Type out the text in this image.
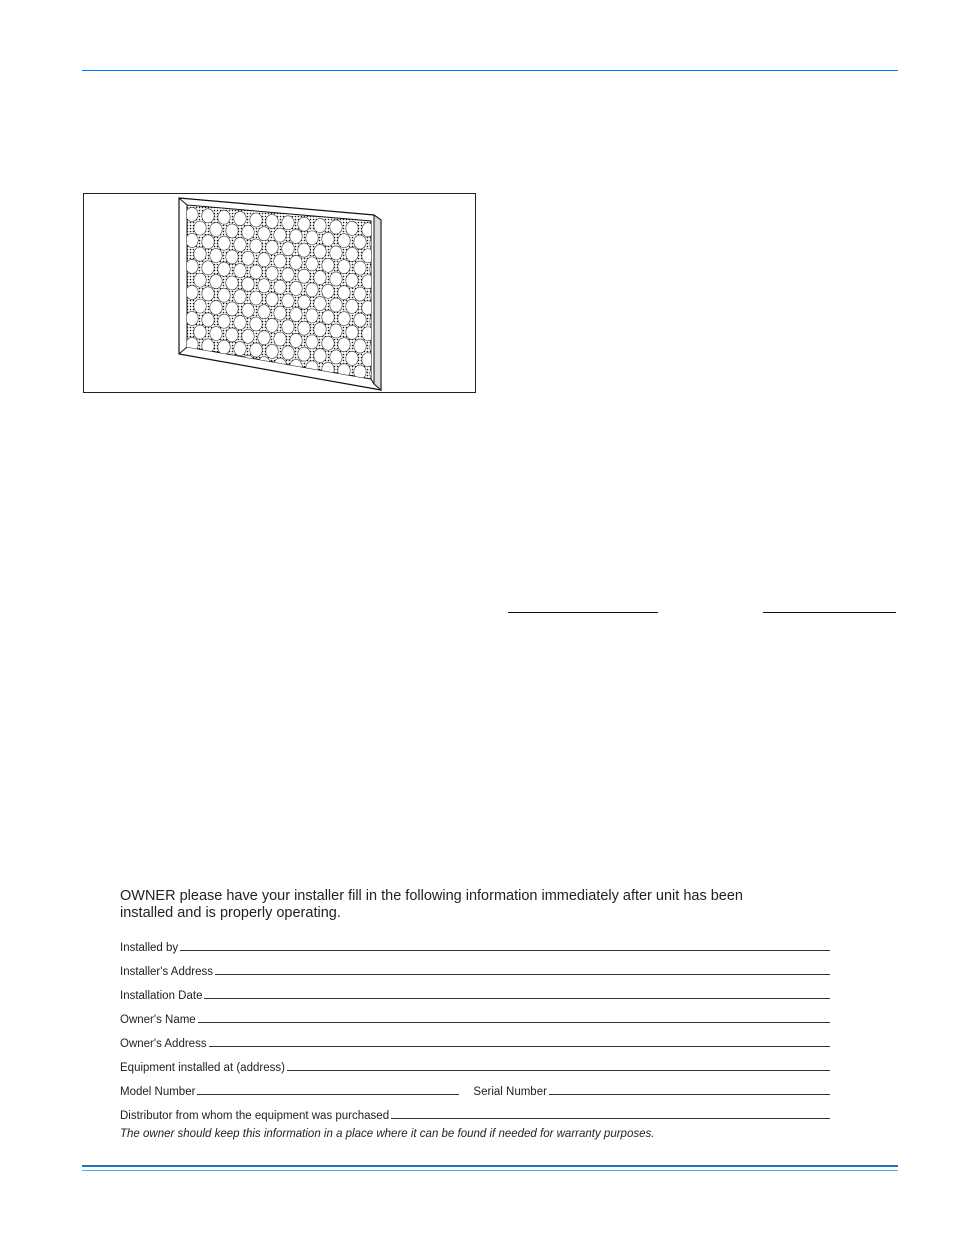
OWNER please have your installer fill in the following information immediately after unit has been
installed and is properly operating.
Installed by
Installer's Address
Installation Date
Owner's Name
Owner's Address
Equipment installed at (address)
Model Number	Serial Number
Distributor from whom the equipment was purchased
The owner should keep this information in a place where it can be found if needed for warranty purposes.
